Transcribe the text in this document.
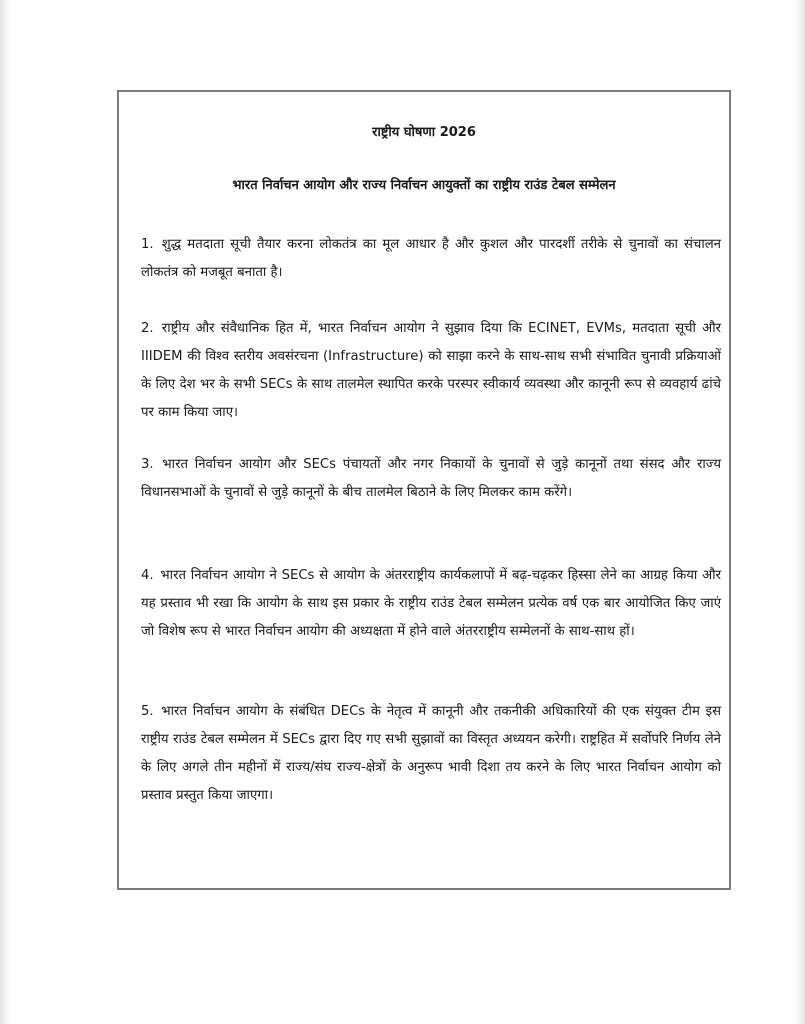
राष्ट्रीय घोषणा 2026
भारत निर्वाचन आयोग और राज्य निर्वाचन आयुक्तों का राष्ट्रीय राउंड टेबल सम्मेलन
1. शुद्ध मतदाता सूची तैयार करना लोकतंत्र का मूल आधार है और कुशल और पारदर्शी तरीके से चुनावों का संचालन लोकतंत्र को मजबूत बनाता है।
2. राष्ट्रीय और संवैधानिक हित में, भारत निर्वाचन आयोग ने सुझाव दिया कि ECINET, EVMs, मतदाता सूची और IIIDEM की विश्व स्तरीय अवसंरचना (Infrastructure) को साझा करने के साथ-साथ सभी संभावित चुनावी प्रक्रियाओं के लिए देश भर के सभी SECs के साथ तालमेल स्थापित करके परस्पर स्वीकार्य व्यवस्था और कानूनी रूप से व्यवहार्य ढांचे पर काम किया जाए।
3. भारत निर्वाचन आयोग और SECs पंचायतों और नगर निकायों के चुनावों से जुड़े कानूनों तथा संसद और राज्य विधानसभाओं के चुनावों से जुड़े कानूनों के बीच तालमेल बिठाने के लिए मिलकर काम करेंगे।
4. भारत निर्वाचन आयोग ने SECs से आयोग के अंतरराष्ट्रीय कार्यकलापों में बढ़-चढ़कर हिस्सा लेने का आग्रह किया और यह प्रस्ताव भी रखा कि आयोग के साथ इस प्रकार के राष्ट्रीय राउंड टेबल सम्मेलन प्रत्येक वर्ष एक बार आयोजित किए जाएं जो विशेष रूप से भारत निर्वाचन आयोग की अध्यक्षता में होने वाले अंतरराष्ट्रीय सम्मेलनों के साथ-साथ हों।
5. भारत निर्वाचन आयोग के संबंधित DECs के नेतृत्व में कानूनी और तकनीकी अधिकारियों की एक संयुक्त टीम इस राष्ट्रीय राउंड टेबल सम्मेलन में SECs द्वारा दिए गए सभी सुझावों का विस्तृत अध्ययन करेगी। राष्ट्रहित में सर्वोपरि निर्णय लेने के लिए अगले तीन महीनों में राज्य/संघ राज्य-क्षेत्रों के अनुरूप भावी दिशा तय करने के लिए भारत निर्वाचन आयोग को प्रस्ताव प्रस्तुत किया जाएगा।
